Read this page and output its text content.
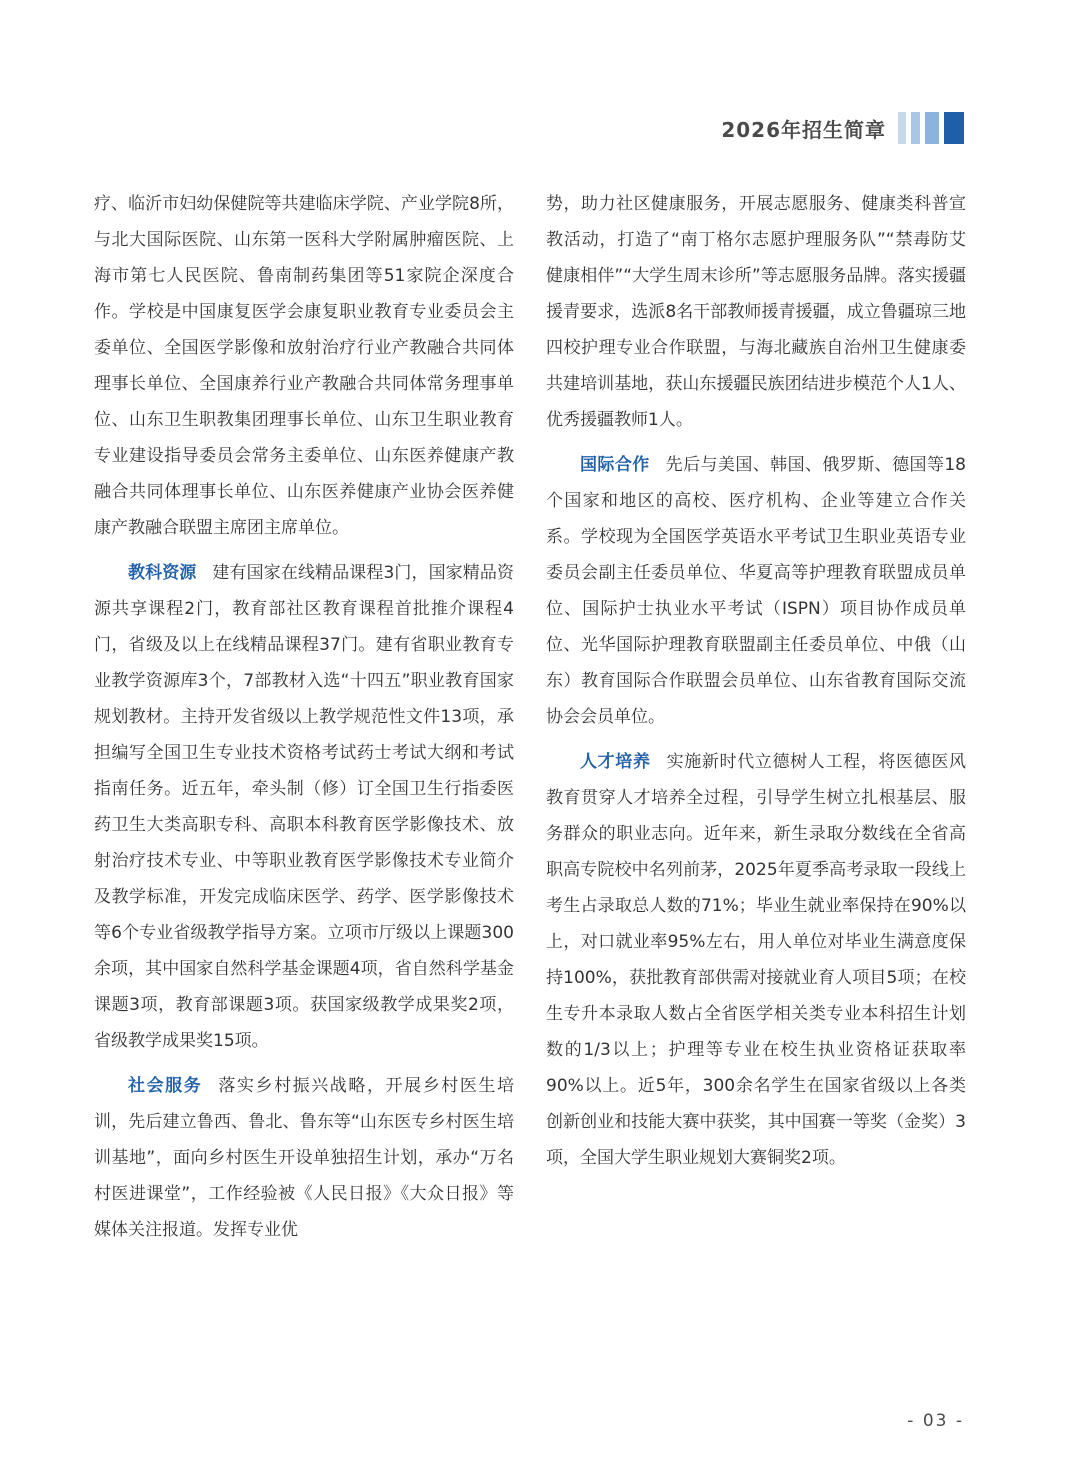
2026年招生简章

疗、临沂市妇幼保健院等共建临床学院、产业学院8所，与北大国际医院、山东第一医科大学附属肿瘤医院、上海市第七人民医院、鲁南制药集团等51家院企深度合作。学校是中国康复医学会康复职业教育专业委员会主委单位、全国医学影像和放射治疗行业产教融合共同体理事长单位、全国康养行业产教融合共同体常务理事单位、山东卫生职教集团理事长单位、山东卫生职业教育专业建设指导委员会常务主委单位、山东医养健康产教融合共同体理事长单位、山东医养健康产业协会医养健康产教融合联盟主席团主席单位。

教科资源 建有国家在线精品课程3门，国家精品资源共享课程2门，教育部社区教育课程首批推介课程4门，省级及以上在线精品课程37门。建有省职业教育专业教学资源库3个，7部教材入选“十四五”职业教育国家规划教材。主持开发省级以上教学规范性文件13项，承担编写全国卫生专业技术资格考试药士考试大纲和考试指南任务。近五年，牵头制（修）订全国卫生行指委医药卫生大类高职专科、高职本科教育医学影像技术、放射治疗技术专业、中等职业教育医学影像技术专业简介及教学标准，开发完成临床医学、药学、医学影像技术等6个专业省级教学指导方案。立项市厅级以上课题300余项，其中国家自然科学基金课题4项，省自然科学基金课题3项，教育部课题3项。获国家级教学成果奖2项，省级教学成果奖15项。

社会服务 落实乡村振兴战略，开展乡村医生培训，先后建立鲁西、鲁北、鲁东等“山东医专乡村医生培训基地”，面向乡村医生开设单独招生计划，承办“万名村医进课堂”，工作经验被《人民日报》《大众日报》等媒体关注报道。发挥专业优

势，助力社区健康服务，开展志愿服务、健康类科普宣教活动，打造了“南丁格尔志愿护理服务队”“禁毒防艾　健康相伴”“大学生周末诊所”等志愿服务品牌。落实援疆援青要求，选派8名干部教师援青援疆，成立鲁疆琼三地四校护理专业合作联盟，与海北藏族自治州卫生健康委共建培训基地，获山东援疆民族团结进步模范个人1人、优秀援疆教师1人。

国际合作 先后与美国、韩国、俄罗斯、德国等18个国家和地区的高校、医疗机构、企业等建立合作关系。学校现为全国医学英语水平考试卫生职业英语专业委员会副主任委员单位、华夏高等护理教育联盟成员单位、国际护士执业水平考试（ISPN）项目协作成员单位、光华国际护理教育联盟副主任委员单位、中俄（山东）教育国际合作联盟会员单位、山东省教育国际交流协会会员单位。

人才培养 实施新时代立德树人工程，将医德医风教育贯穿人才培养全过程，引导学生树立扎根基层、服务群众的职业志向。近年来，新生录取分数线在全省高职高专院校中名列前茅，2025年夏季高考录取一段线上考生占录取总人数的71%；毕业生就业率保持在90%以上，对口就业率95%左右，用人单位对毕业生满意度保持100%，获批教育部供需对接就业育人项目5项；在校生专升本录取人数占全省医学相关类专业本科招生计划数的1/3以上；护理等专业在校生执业资格证获取率90%以上。近5年，300余名学生在国家省级以上各类创新创业和技能大赛中获奖，其中国赛一等奖（金奖）3项，全国大学生职业规划大赛铜奖2项。

- 03 -
